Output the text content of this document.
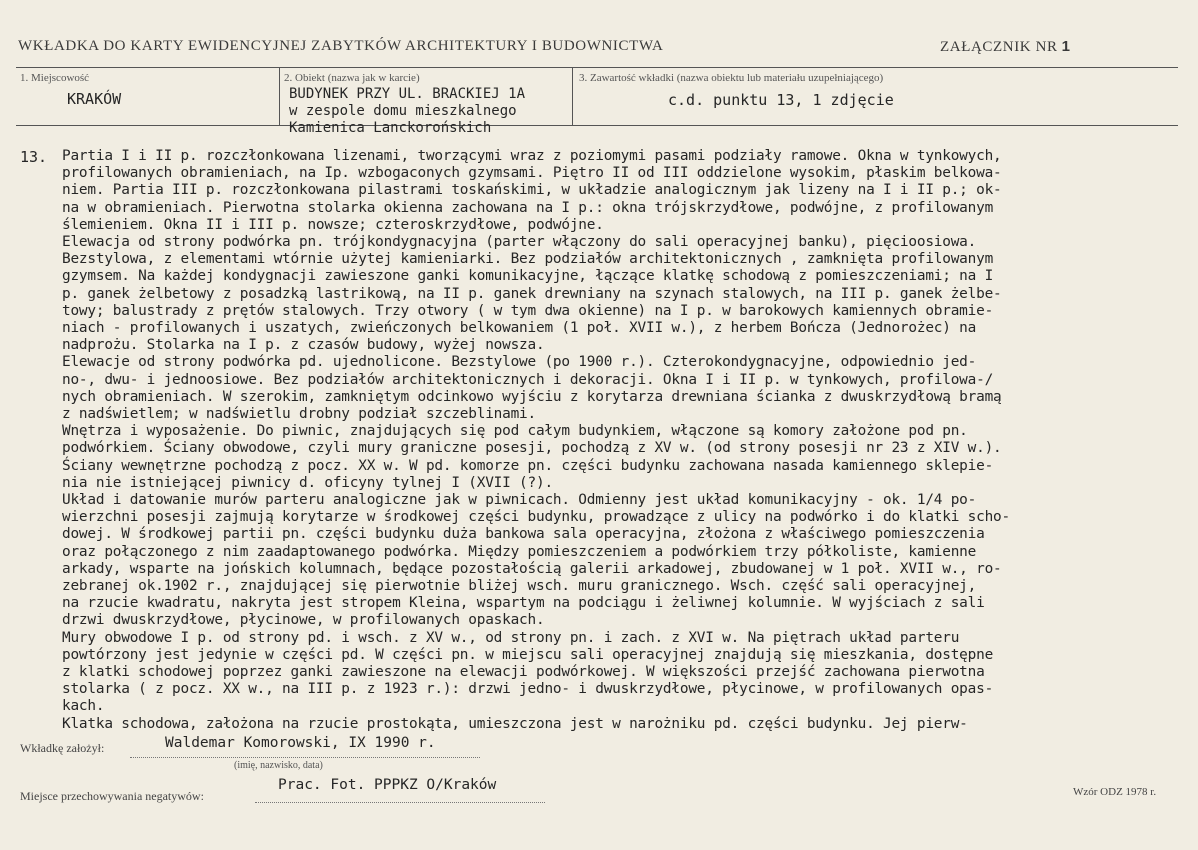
WKŁADKA DO KARTY EWIDENCYJNEJ ZABYTKÓW ARCHITEKTURY I BUDOWNICTWA	ZAŁĄCZNIK NR 1
1. Miejscowość
KRAKÓW
2. Obiekt (nazwa jak w karcie)
BUDYNEK PRZY UL. BRACKIEJ 1A
w zespole domu mieszkalnego
Kamienica Lanckorońskich
3. Zawartość wkładki (nazwa obiektu lub materiału uzupełniającego)
c.d. punktu 13, 1 zdjęcie
13. Partia I i II p. rozczłonkowana lizenami, tworzącymi wraz z poziomymi pasami podziały ramowe. Okna w tynkowych,
profilowanych obramieniach, na Ip. wzbogaconych gzymsami. Piętro II od III oddzielone wysokim, płaskim belkowa-
niem. Partia III p. rozczłonkowana pilastrami toskańskimi, w układzie analogicznym jak lizeny na I i II p.; ok-
na w obramieniach. Pierwotna stolarka okienna zachowana na I p.: okna trójskrzydłowe, podwójne, z profilowanym
ślemieniem. Okna II i III p. nowsze; czteroskrzydłowe, podwójne.
Elewacja od strony podwórka pn. trójkondygnacyjna (parter włączony do sali operacyjnej banku), pięcioosiowa.
Bezstylowa, z elementami wtórnie użytej kamieniarki. Bez podziałów architektonicznych , zamknięta profilowanym
gzymsem. Na każdej kondygnacji zawieszone ganki komunikacyjne, łączące klatkę schodową z pomieszczeniami; na I
p. ganek żelbetowy z posadzką lastrikową, na II p. ganek drewniany na szynach stalowych, na III p. ganek żelbe-
towy; balustrady z prętów stalowych. Trzy otwory ( w tym dwa okienne) na I p. w barokowych kamiennych obramie-
niach - profilowanych i uszatych, zwieńczonych belkowaniem (1 poł. XVII w.), z herbem Bończa (Jednorożec) na
nadprożu. Stolarka na I p. z czasów budowy, wyżej nowsza.
Elewacje od strony podwórka pd. ujednolicone. Bezstylowe (po 1900 r.). Czterokondygnacyjne, odpowiednio jed-
no-, dwu- i jednoosiowe. Bez podziałów architektonicznych i dekoracji. Okna I i II p. w tynkowych, profilowa-/
nych obramieniach. W szerokim, zamkniętym odcinkowo wyjściu z korytarza drewniana ścianka z dwuskrzydłową bramą
z nadświetlem; w nadświetlu drobny podział szczeblinami.
Wnętrza i wyposażenie. Do piwnic, znajdujących się pod całym budynkiem, włączone są komory założone pod pn.
podwórkiem. Ściany obwodowe, czyli mury graniczne posesji, pochodzą z XV w. (od strony posesji nr 23 z XIV w.).
Ściany wewnętrzne pochodzą z pocz. XX w. W pd. komorze pn. części budynku zachowana nasada kamiennego sklepie-
nia nie istniejącej piwnicy d. oficyny tylnej I (XVII (?).
Układ i datowanie murów parteru analogiczne jak w piwnicach. Odmienny jest układ komunikacyjny - ok. 1/4 po-
wierzchni posesji zajmują korytarze w środkowej części budynku, prowadzące z ulicy na podwórko i do klatki scho-
dowej. W środkowej partii pn. części budynku duża bankowa sala operacyjna, złożona z właściwego pomieszczenia
oraz połączonego z nim zaadaptowanego podwórka. Między pomieszczeniem a podwórkiem trzy półkoliste, kamienne
arkady, wsparte na jońskich kolumnach, będące pozostałością galerii arkadowej, zbudowanej w 1 poł. XVII w., ro-
zebranej ok.1902 r., znajdującej się pierwotnie bliżej wsch. muru granicznego. Wsch. część sali operacyjnej,
na rzucie kwadratu, nakryta jest stropem Kleina, wspartym na podciągu i żeliwnej kolumnie. W wyjściach z sali
drzwi dwuskrzydłowe, płycinowe, w profilowanych opaskach.
Mury obwodowe I p. od strony pd. i wsch. z XV w., od strony pn. i zach. z XVI w. Na piętrach układ parteru
powtórzony jest jedynie w części pd. W części pn. w miejscu sali operacyjnej znajdują się mieszkania, dostępne
z klatki schodowej poprzez ganki zawieszone na elewacji podwórkowej. W większości przejść zachowana pierwotna
stolarka ( z pocz. XX w., na III p. z 1923 r.): drzwi jedno- i dwuskrzydłowe, płycinowe, w profilowanych opas-
kach.
Klatka schodowa, założona na rzucie prostokąta, umieszczona jest w narożniku pd. części budynku. Jej pierw-
Wkładkę założył:	Waldemar Komorowski, IX 1990 r.
(imię, nazwisko, data)
Miejsce przechowywania negatywów:
Prac. Fot. PPPKZ O/Kraków	Wzór ODZ 1978 r.
